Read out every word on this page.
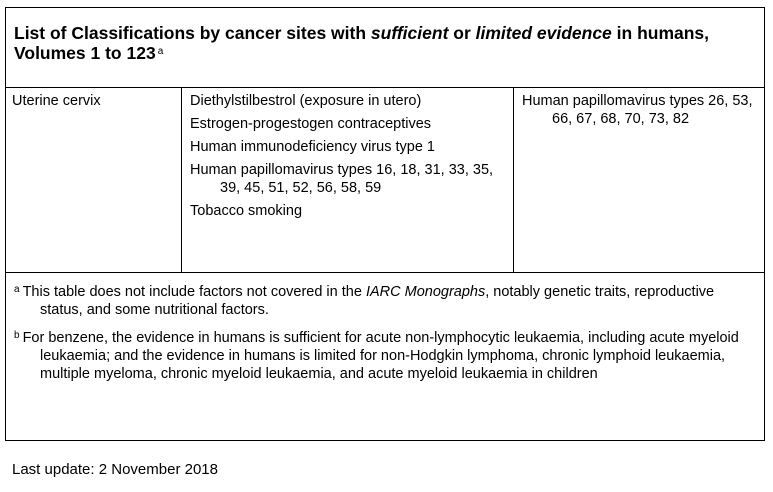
List of Classifications by cancer sites with sufficient or limited evidence in humans, Volumes 1 to 123 $^a$
Uterine cervix	Diethylstilbestrol (exposure in utero)
Estrogen-progestogen contraceptives
Human immunodeficiency virus type 1
Human papillomavirus types 16, 18, 31, 33, 35, 39, 45, 51, 52, 56, 58, 59
Tobacco smoking
Human papillomavirus types 26, 53, 66, 67, 68, 70, 73, 82
$^a$ This table does not include factors not covered in the IARC Monographs, notably genetic traits, reproductive status, and some nutritional factors.
$^b$ For benzene, the evidence in humans is sufficient for acute non-lymphocytic leukaemia, including acute myeloid leukaemia; and the evidence in humans is limited for non-Hodgkin lymphoma, chronic lymphoid leukaemia, multiple myeloma, chronic myeloid leukaemia, and acute myeloid leukaemia in children
Last update: 2 November 2018
